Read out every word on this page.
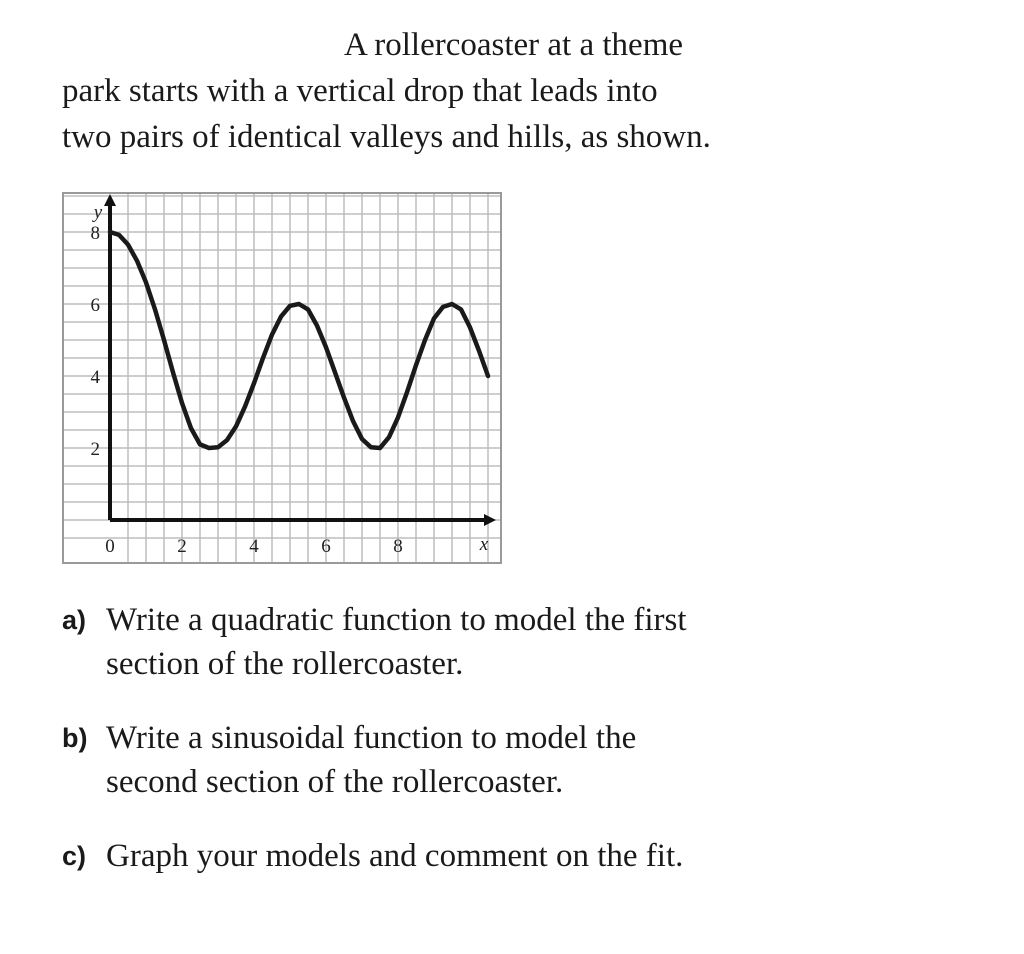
A rollercoaster at a theme
park starts with a vertical drop that leads into
two pairs of identical valleys and hills, as shown.
0	2	4	6	8
2
4
6
8
x
y
a) Write a quadratic function to model the first
section of the rollercoaster.
b) Write a sinusoidal function to model the
second section of the rollercoaster.
c) Graph your models and comment on the fit.
